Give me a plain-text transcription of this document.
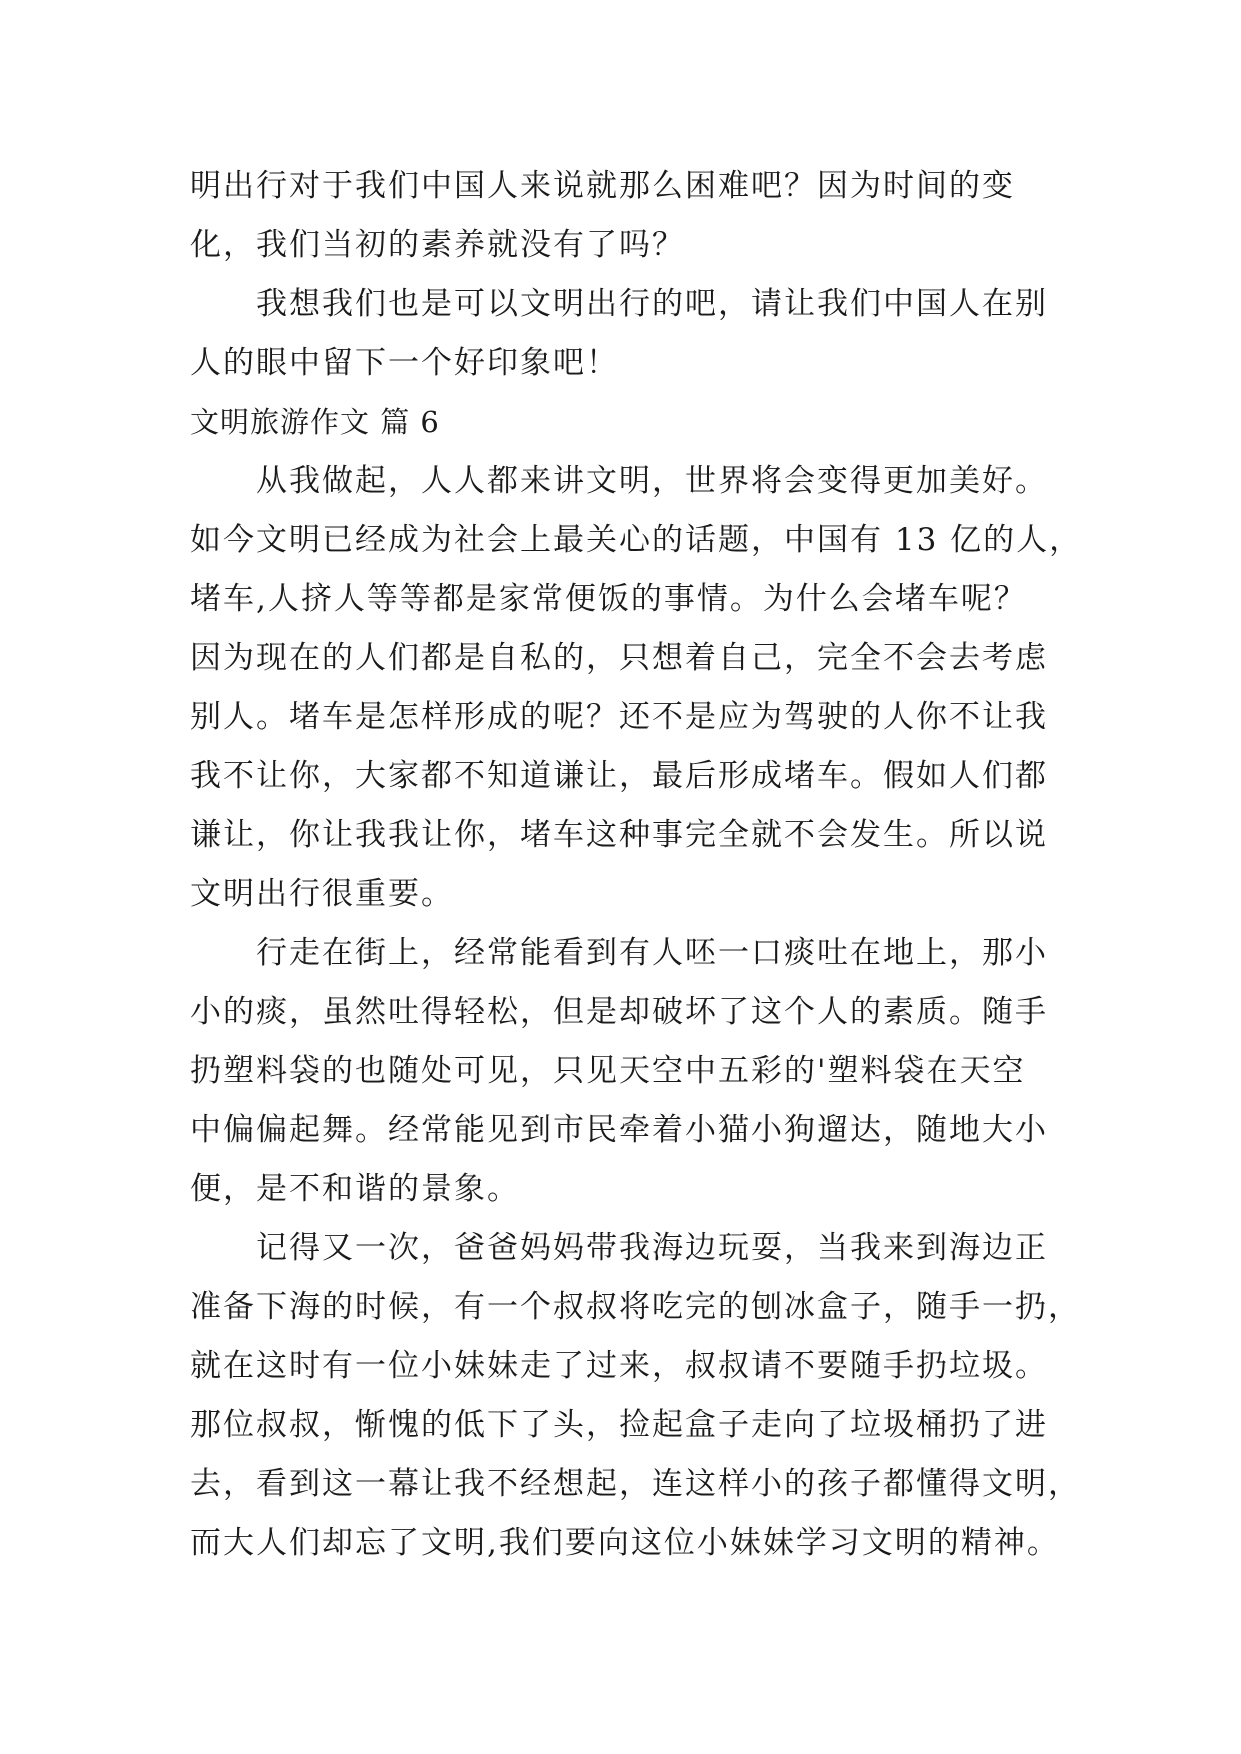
明出行对于我们中国人来说就那么困难吧？因为时间的变
化，我们当初的素养就没有了吗？
我想我们也是可以文明出行的吧，请让我们中国人在别
人的眼中留下一个好印象吧！
文明旅游作文 篇 6
从我做起，人人都来讲文明，世界将会变得更加美好。
如今文明已经成为社会上最关心的话题，中国有 13 亿的人，
堵车,人挤人等等都是家常便饭的事情。为什么会堵车呢？
因为现在的人们都是自私的，只想着自己，完全不会去考虑
别人。堵车是怎样形成的呢？还不是应为驾驶的人你不让我
我不让你，大家都不知道谦让，最后形成堵车。假如人们都
谦让，你让我我让你，堵车这种事完全就不会发生。所以说
文明出行很重要。
行走在街上，经常能看到有人呸一口痰吐在地上，那小
小的痰，虽然吐得轻松，但是却破坏了这个人的素质。随手
扔塑料袋的也随处可见，只见天空中五彩的'塑料袋在天空
中偏偏起舞。经常能见到市民牵着小猫小狗遛达，随地大小
便，是不和谐的景象。
记得又一次，爸爸妈妈带我海边玩耍，当我来到海边正
准备下海的时候，有一个叔叔将吃完的刨冰盒子，随手一扔，
就在这时有一位小妹妹走了过来，叔叔请不要随手扔垃圾。
那位叔叔，惭愧的低下了头，捡起盒子走向了垃圾桶扔了进
去，看到这一幕让我不经想起，连这样小的孩子都懂得文明，
而大人们却忘了文明,我们要向这位小妹妹学习文明的精神。
